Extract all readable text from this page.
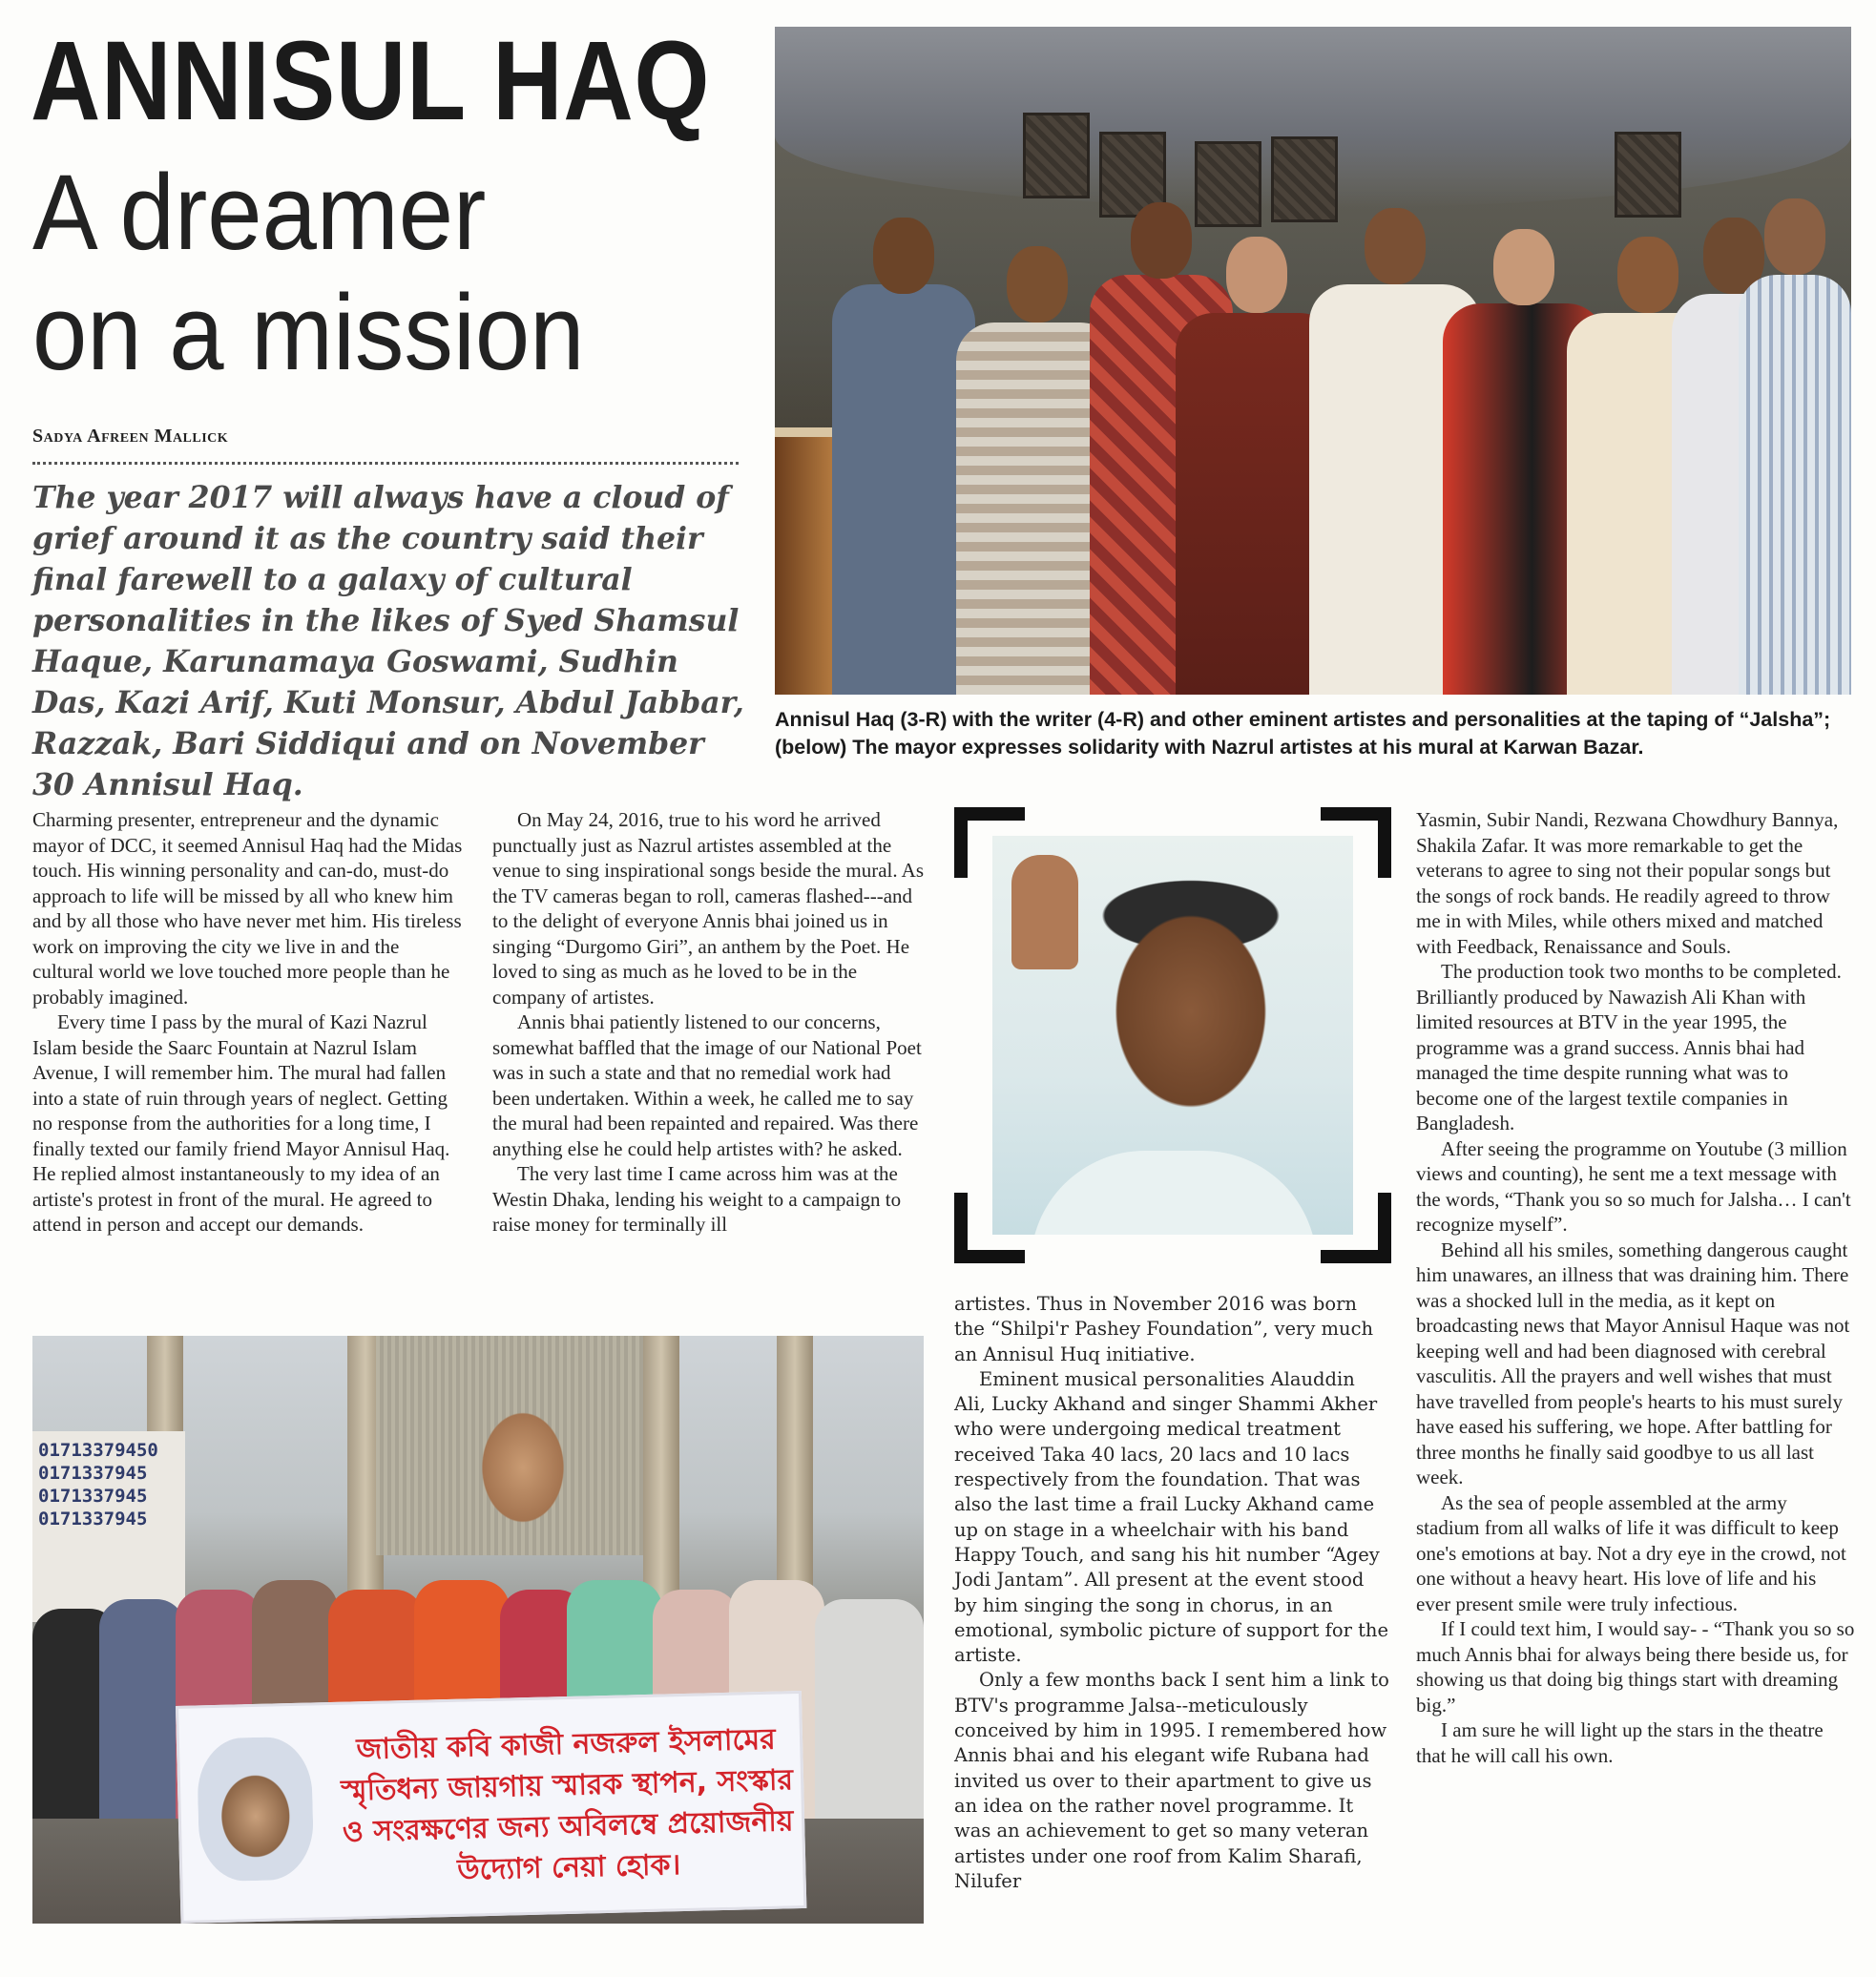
ANNISUL HAQ
A dreamer
on a mission
Sadya Afreen Mallick

The year 2017 will always have a cloud of grief around it as the country said their final farewell to a galaxy of cultural personalities in the likes of Syed Shamsul Haque, Karunamaya Goswami, Sudhin Das, Kazi Arif, Kuti Monsur, Abdul Jabbar, Razzak, Bari Siddiqui and on November 30 Annisul Haq.

Annisul Haq (3-R) with the writer (4-R) and other eminent artistes and personalities at the taping of “Jalsha”; (below) The mayor expresses solidarity with Nazrul artistes at his mural at Karwan Bazar.

Charming presenter, entrepreneur and the dynamic mayor of DCC, it seemed Annisul Haq had the Midas touch. His winning personality and can-do, must-do approach to life will be missed by all who knew him and by all those who have never met him. His tireless work on improving the city we live in and the cultural world we love touched more people than he probably imagined.

Every time I pass by the mural of Kazi Nazrul Islam beside the Saarc Fountain at Nazrul Islam Avenue, I will remember him. The mural had fallen into a state of ruin through years of neglect. Getting no response from the authorities for a long time, I finally texted our family friend Mayor Annisul Haq. He replied almost instantaneously to my idea of an artiste's protest in front of the mural. He agreed to attend in person and accept our demands.

On May 24, 2016, true to his word he arrived punctually just as Nazrul artistes assembled at the venue to sing inspirational songs beside the mural. As the TV cameras began to roll, cameras flashed---and to the delight of everyone Annis bhai joined us in singing “Durgomo Giri”, an anthem by the Poet. He loved to sing as much as he loved to be in the company of artistes.

Annis bhai patiently listened to our concerns, somewhat baffled that the image of our National Poet was in such a state and that no remedial work had been undertaken. Within a week, he called me to say the mural had been repainted and repaired. Was there anything else he could help artistes with? he asked.

The very last time I came across him was at the Westin Dhaka, lending his weight to a campaign to raise money for terminally ill

artistes. Thus in November 2016 was born the “Shilpi'r Pashey Foundation”, very much an Annisul Huq initiative.

Eminent musical personalities Alauddin Ali, Lucky Akhand and singer Shammi Akher who were undergoing medical treatment received Taka 40 lacs, 20 lacs and 10 lacs respectively from the foundation. That was also the last time a frail Lucky Akhand came up on stage in a wheelchair with his band Happy Touch, and sang his hit number “Agey Jodi Jantam”. All present at the event stood by him singing the song in chorus, in an emotional, symbolic picture of support for the artiste.

Only a few months back I sent him a link to BTV's programme Jalsa--meticulously conceived by him in 1995. I remembered how Annis bhai and his elegant wife Rubana had invited us over to their apartment to give us an idea on the rather novel programme. It was an achievement to get so many veteran artistes under one roof from Kalim Sharafi, Nilufer

Yasmin, Subir Nandi, Rezwana Chowdhury Bannya, Shakila Zafar. It was more remarkable to get the veterans to agree to sing not their popular songs but the songs of rock bands. He readily agreed to throw me in with Miles, while others mixed and matched with Feedback, Renaissance and Souls.

The production took two months to be completed. Brilliantly produced by Nawazish Ali Khan with limited resources at BTV in the year 1995, the programme was a grand success. Annis bhai had managed the time despite running what was to become one of the largest textile companies in Bangladesh.

After seeing the programme on Youtube (3 million views and counting), he sent me a text message with the words, “Thank you so so much for Jalsha… I can't recognize myself”.

Behind all his smiles, something dangerous caught him unawares, an illness that was draining him. There was a shocked lull in the media, as it kept on broadcasting news that Mayor Annisul Haque was not keeping well and had been diagnosed with cerebral vasculitis. All the prayers and well wishes that must have travelled from people's hearts to his must surely have eased his suffering, we hope. After battling for three months he finally said goodbye to us all last week.

As the sea of people assembled at the army stadium from all walks of life it was difficult to keep one's emotions at bay. Not a dry eye in the crowd, not one without a heavy heart. His love of life and his ever present smile were truly infectious.

If I could text him, I would say- - “Thank you so so much Annis bhai for always being there beside us, for showing us that doing big things start with dreaming big.”

I am sure he will light up the stars in the theatre that he will call his own.

01713379450
0171337945
0171337945
0171337945
জাতীয় কবি কাজী নজরুল ইসলামের স্মৃতিধন্য জায়গায় স্মারক স্থাপন, সংস্কার ও সংরক্ষণের জন্য অবিলম্বে প্রয়োজনীয় উদ্যোগ নেয়া হোক।
